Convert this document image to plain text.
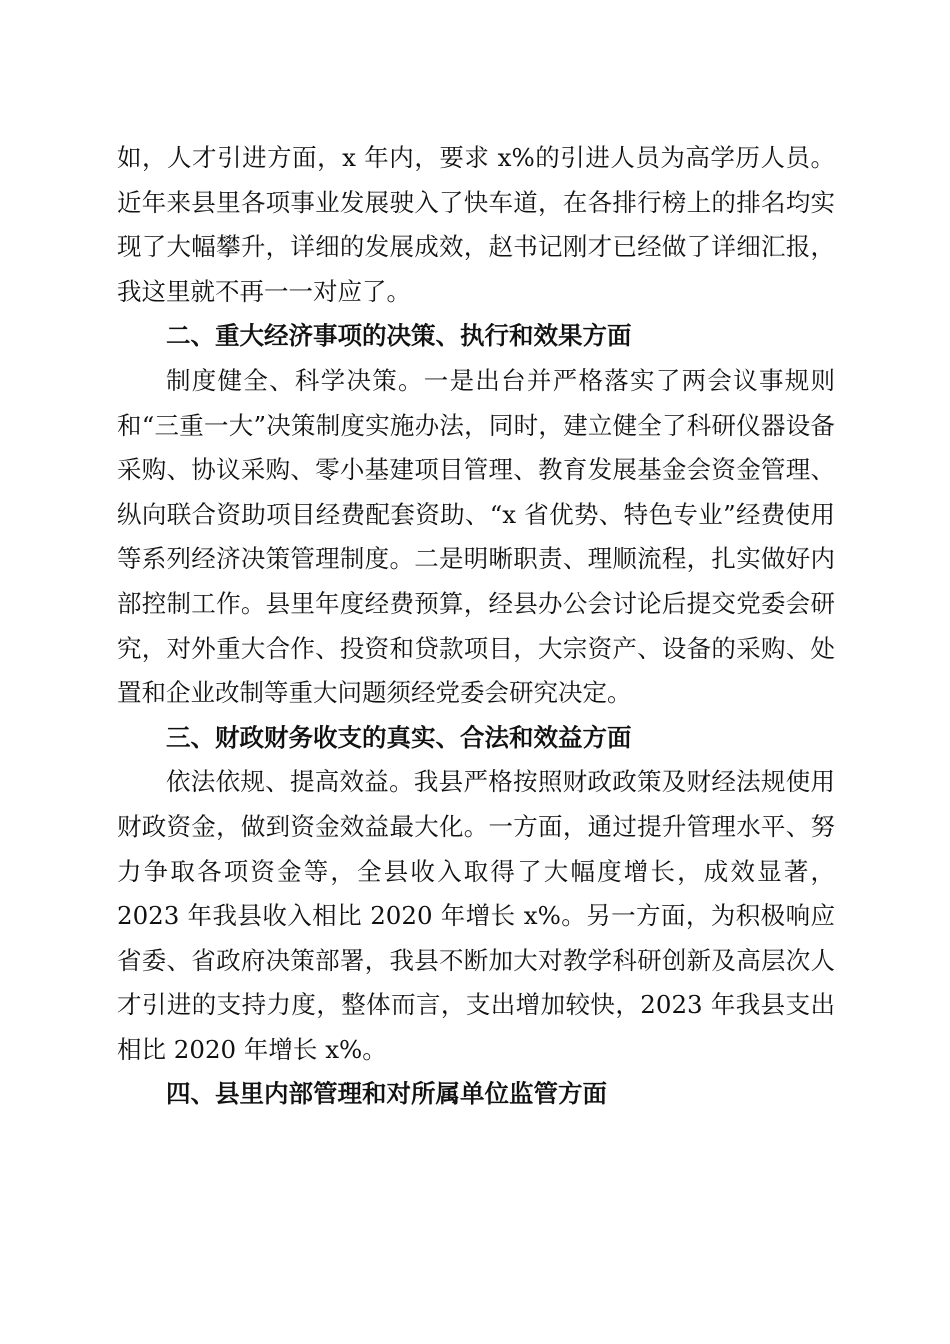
如，人才引进方面，x 年内，要求 x%的引进人员为高学历人员。近年来县里各项事业发展驶入了快车道，在各排行榜上的排名均实现了大幅攀升，详细的发展成效，赵书记刚才已经做了详细汇报，我这里就不再一一对应了。

二、重大经济事项的决策、执行和效果方面

制度健全、科学决策。一是出台并严格落实了两会议事规则和“三重一大”决策制度实施办法，同时，建立健全了科研仪器设备采购、协议采购、零小基建项目管理、教育发展基金会资金管理、纵向联合资助项目经费配套资助、“x 省优势、特色专业”经费使用等系列经济决策管理制度。二是明晰职责、理顺流程，扎实做好内部控制工作。县里年度经费预算，经县办公会讨论后提交党委会研究，对外重大合作、投资和贷款项目，大宗资产、设备的采购、处置和企业改制等重大问题须经党委会研究决定。

三、财政财务收支的真实、合法和效益方面

依法依规、提高效益。我县严格按照财政政策及财经法规使用财政资金，做到资金效益最大化。一方面，通过提升管理水平、努力争取各项资金等，全县收入取得了大幅度增长，成效显著，2023 年我县收入相比 2020 年增长 x%。另一方面，为积极响应省委、省政府决策部署，我县不断加大对教学科研创新及高层次人才引进的支持力度，整体而言，支出增加较快，2023 年我县支出相比 2020 年增长 x%。

四、县里内部管理和对所属单位监管方面
